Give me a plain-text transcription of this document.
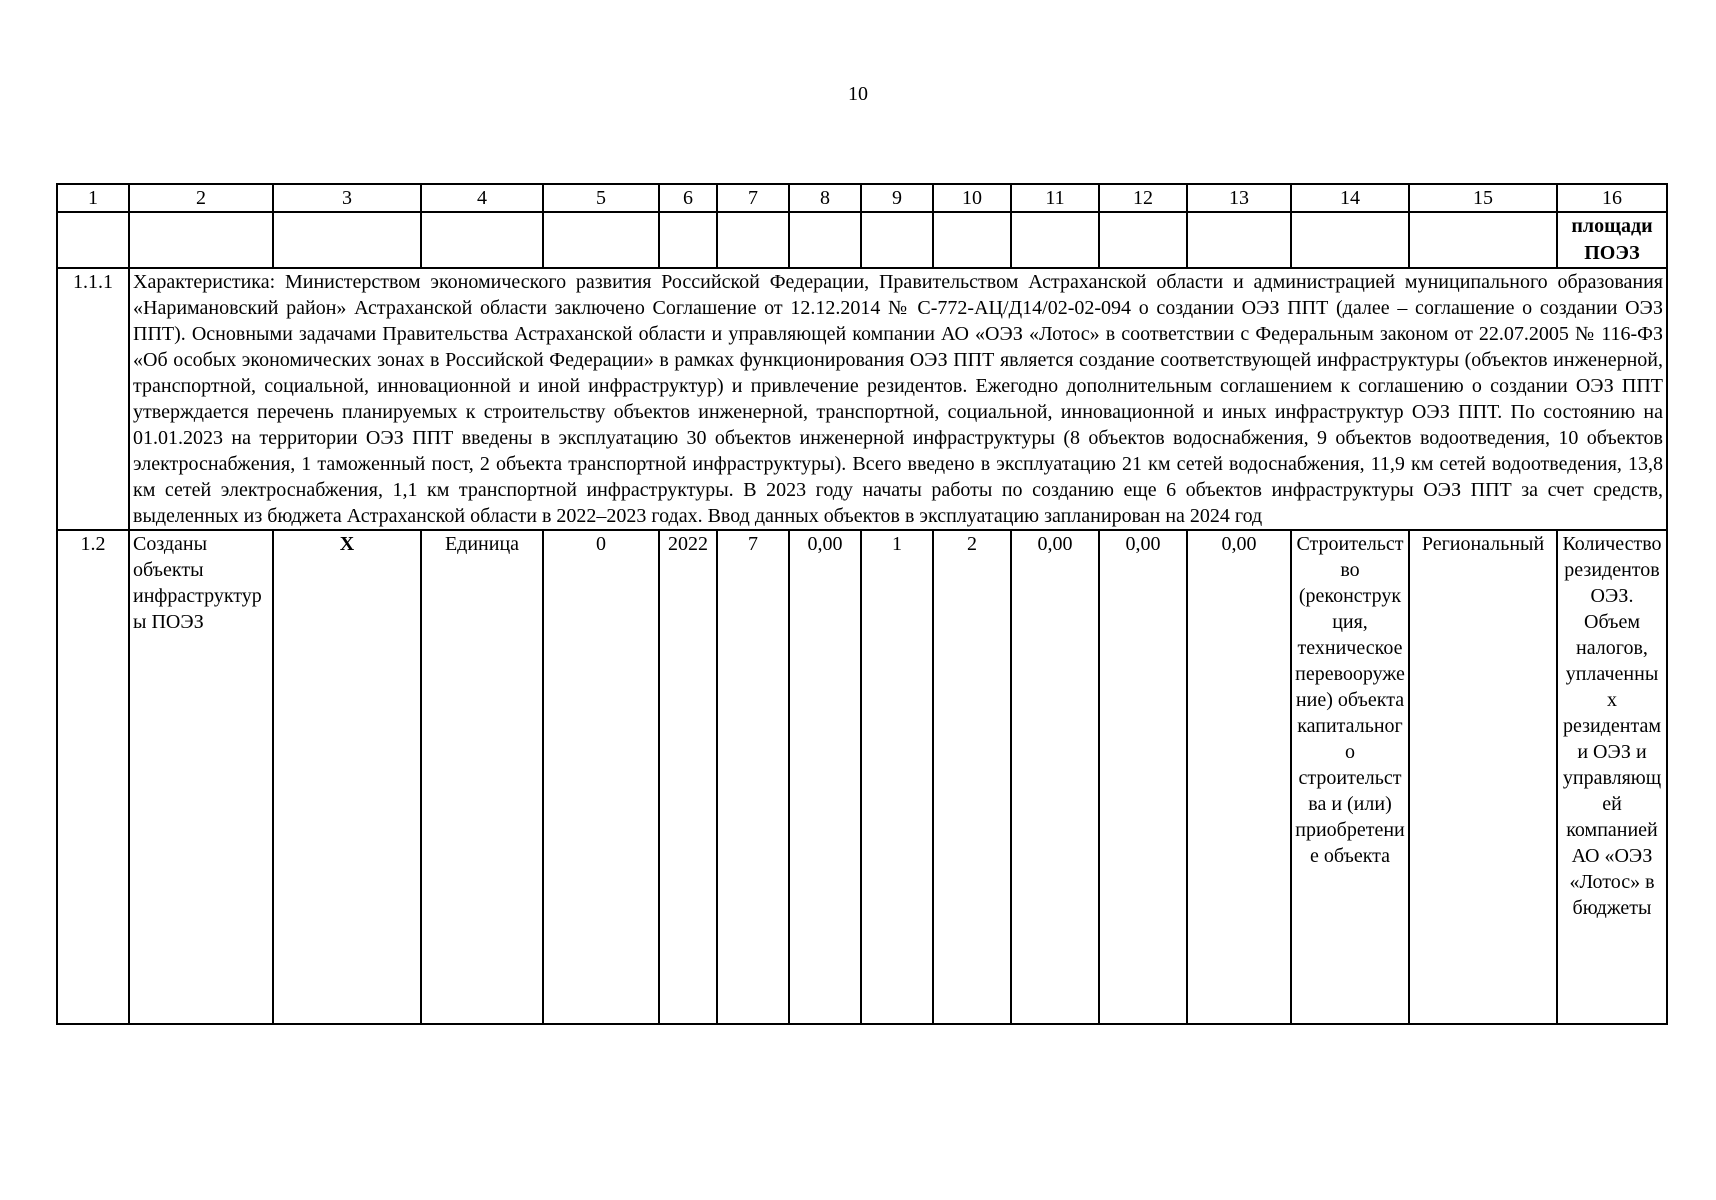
10
1	2	3	4	5	6	7	8	9	10	11	12	13	14	15	16
															площади ПОЭЗ
1.1.1	Характеристика: Министерством экономического развития Российской Федерации, Правительством Астраханской области и администрацией муниципального образования «Наримановский район» Астраханской области заключено Соглашение от 12.12.2014 № С-772-АЦ/Д14/02-02-094 о создании ОЭЗ ППТ (далее – соглашение о создании ОЭЗ ППТ). Основными задачами Правительства Астраханской области и управляющей компании АО «ОЭЗ «Лотос» в соответствии с Федеральным законом от 22.07.2005 № 116-ФЗ «Об особых экономических зонах в Российской Федерации» в рамках функционирования ОЭЗ ППТ является создание соответствующей инфраструктуры (объектов инженерной, транспортной, социальной, инновационной и иной инфраструктур) и привлечение резидентов. Ежегодно дополнительным соглашением к соглашению о создании ОЭЗ ППТ утверждается перечень планируемых к строительству объектов инженерной, транспортной, социальной, инновационной и иных инфраструктур ОЭЗ ППТ. По состоянию на 01.01.2023 на территории ОЭЗ ППТ введены в эксплуатацию 30 объектов инженерной инфраструктуры (8 объектов водоснабжения, 9 объектов водоотведения, 10 объектов электроснабжения, 1 таможенный пост, 2 объекта транспортной инфраструктуры). Всего введено в эксплуатацию 21 км сетей водоснабжения, 11,9 км сетей водоотведения, 13,8 км сетей электроснабжения, 1,1 км транспортной инфраструктуры. В 2023 году начаты работы по созданию еще 6 объектов инфраструктуры ОЭЗ ППТ за счет средств, выделенных из бюджета Астраханской области в 2022–2023 годах. Ввод данных объектов в эксплуатацию запланирован на 2024 год														
1.2	Созданы объекты инфраструктуры ПОЭЗ	Х	Единица	0	2022	7	0,00	1	2	0,00	0,00	0,00	Строительство (реконструкция, техническое перевооружение) объекта капитального строительства и (или) приобретение объекта	Региональный	Количество резидентов ОЭЗ. Объем налогов, уплаченных резидентами ОЭЗ и управляющей компанией АО «ОЭЗ «Лотос» в бюджеты
